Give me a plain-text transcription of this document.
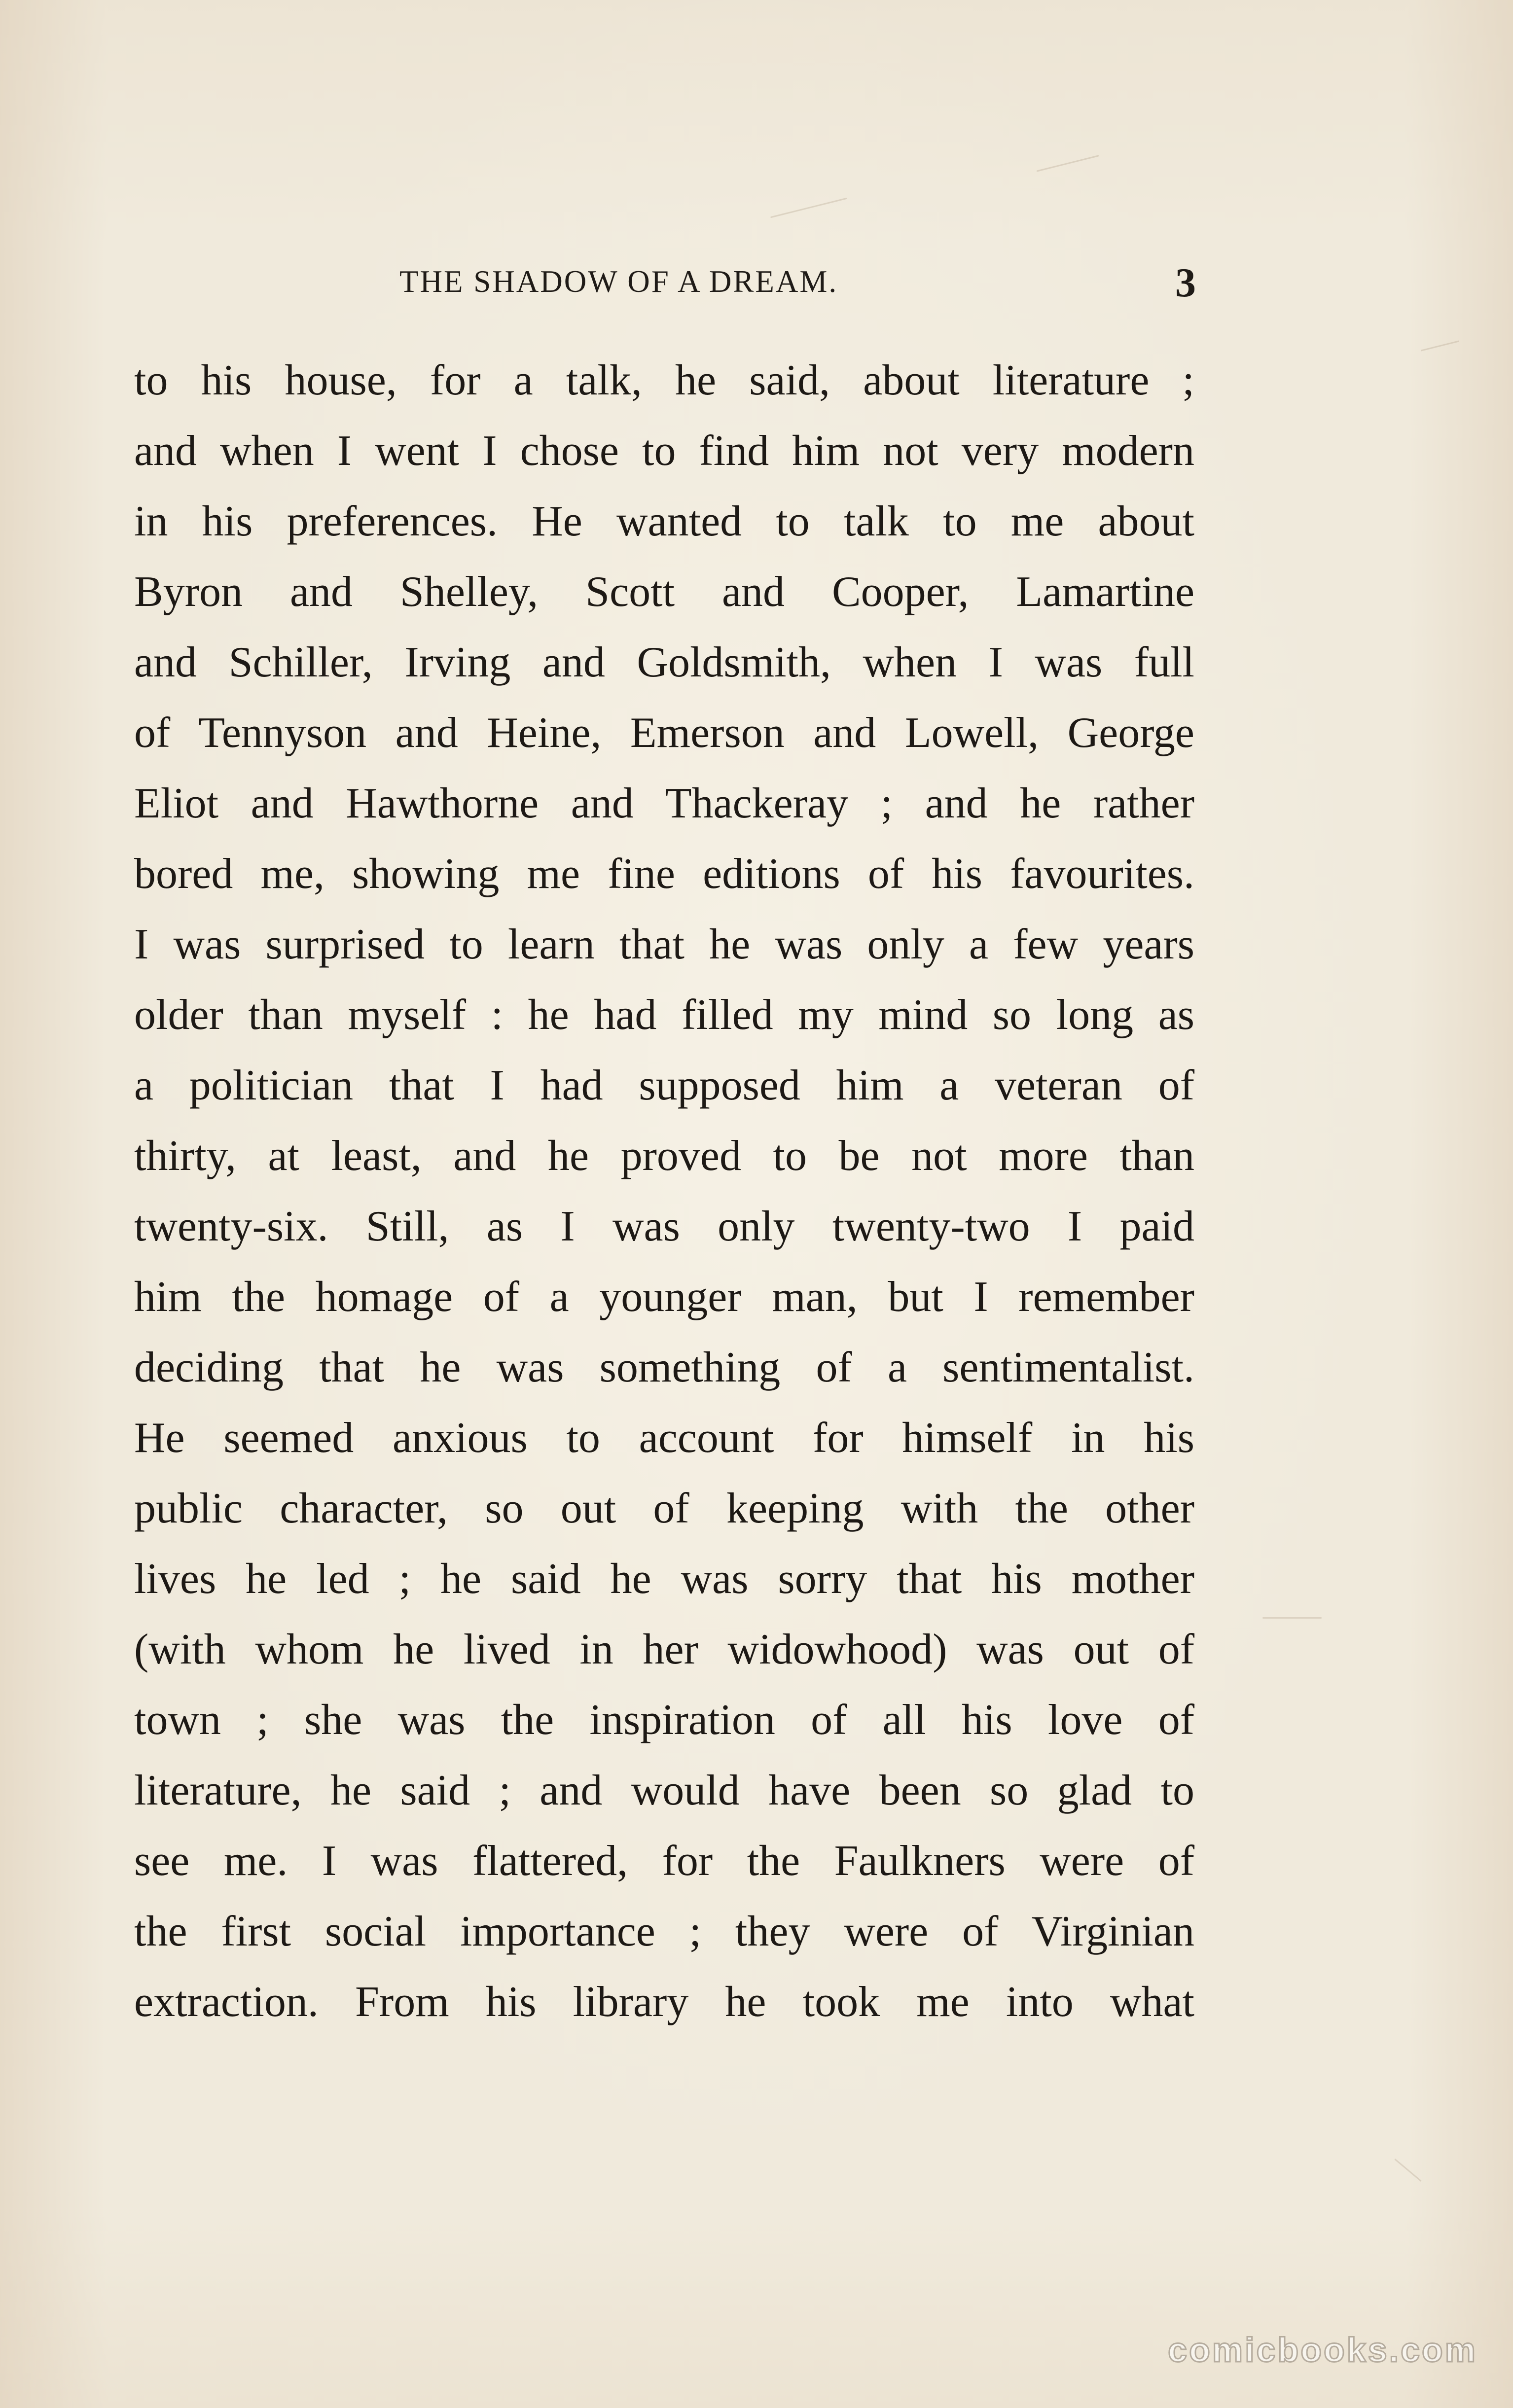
THE SHADOW OF A DREAM.	3
to his house, for a talk, he said, about literature ;
and when I went I chose to find him not very modern
in his preferences. He wanted to talk to me about
Byron and Shelley, Scott and Cooper, Lamartine
and Schiller, Irving and Goldsmith, when I was full
of Tennyson and Heine, Emerson and Lowell, George
Eliot and Hawthorne and Thackeray ; and he rather
bored me, showing me fine editions of his favourites.
I was surprised to learn that he was only a few years
older than myself : he had filled my mind so long as
a politician that I had supposed him a veteran of
thirty, at least, and he proved to be not more than
twenty-six. Still, as I was only twenty-two I paid
him the homage of a younger man, but I remember
deciding that he was something of a sentimentalist.
He seemed anxious to account for himself in his
public character, so out of keeping with the other
lives he led ; he said he was sorry that his mother
(with whom he lived in her widowhood) was out of
town ; she was the inspiration of all his love of
literature, he said ; and would have been so glad to
see me. I was flattered, for the Faulkners were of
the first social importance ; they were of Virginian
extraction. From his library he took me into what
comicbooks.com
